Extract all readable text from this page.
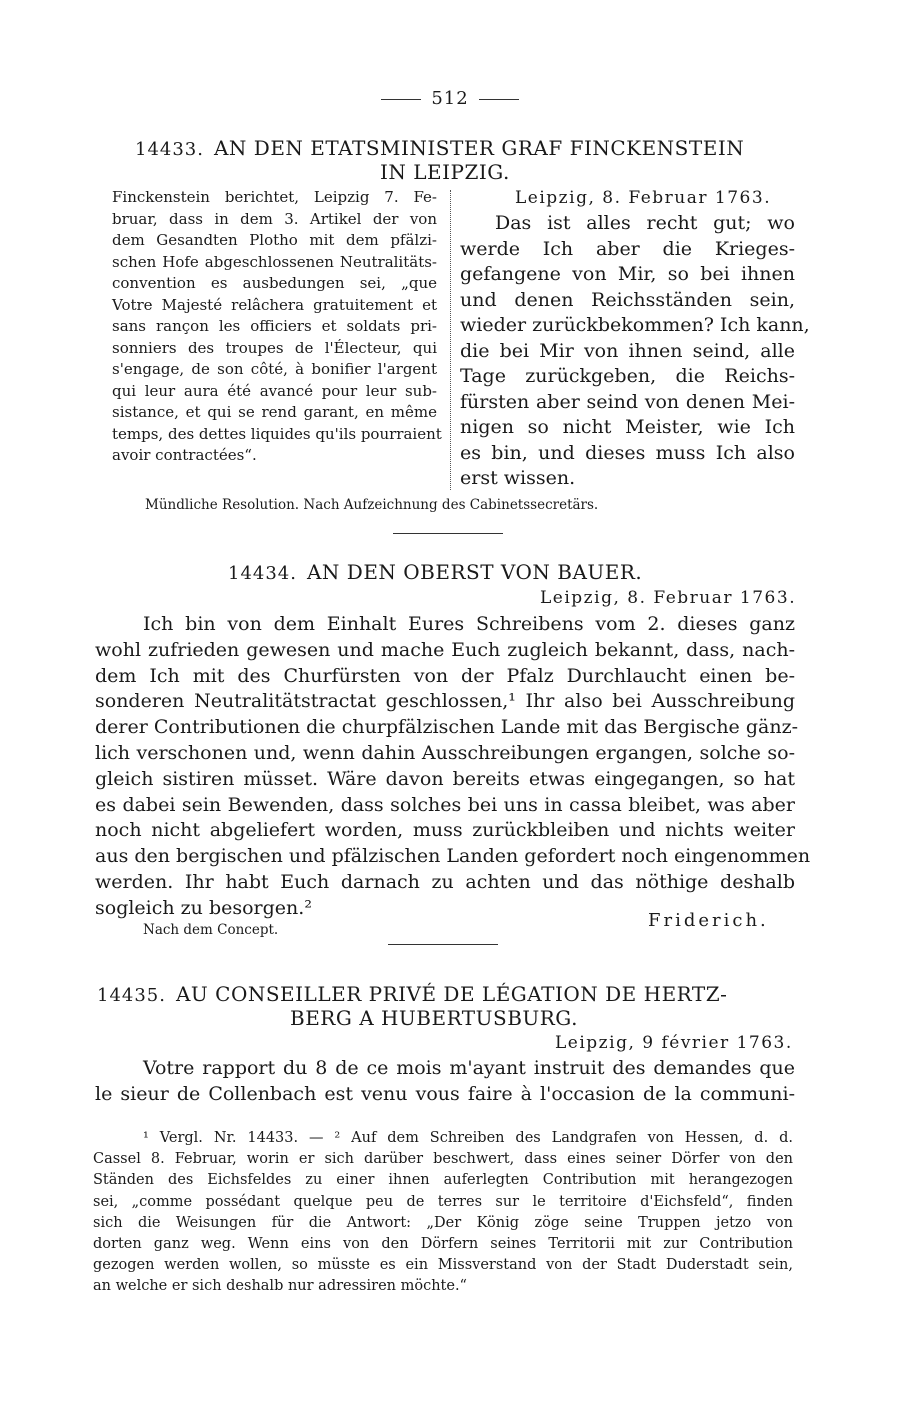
512
14433. AN DEN ETATSMINISTER GRAF FINCKENSTEIN
IN LEIPZIG.
Finckenstein berichtet, Leipzig 7. Fe-
bruar, dass in dem 3. Artikel der von
dem Gesandten Plotho mit dem pfälzi-
schen Hofe abgeschlossenen Neutralitäts-
convention es ausbedungen sei, „que
Votre Majesté relâchera gratuitement et
sans rançon les officiers et soldats pri-
sonniers des troupes de l'Électeur, qui
s'engage, de son côté, à bonifier l'argent
qui leur aura été avancé pour leur sub-
sistance, et qui se rend garant, en même
temps, des dettes liquides qu'ils pourraient
avoir contractées“.
Leipzig, 8. Februar 1763.
Das ist alles recht gut; wo
werde Ich aber die Krieges-
gefangene von Mir, so bei ihnen
und denen Reichsständen sein,
wieder zurückbekommen? Ich kann,
die bei Mir von ihnen seind, alle
Tage zurückgeben, die Reichs-
fürsten aber seind von denen Mei-
nigen so nicht Meister, wie Ich
es bin, und dieses muss Ich also
erst wissen.
Mündliche Resolution. Nach Aufzeichnung des Cabinetssecretärs.
14434. AN DEN OBERST VON BAUER.
Leipzig, 8. Februar 1763.
Ich bin von dem Einhalt Eures Schreibens vom 2. dieses ganz
wohl zufrieden gewesen und mache Euch zugleich bekannt, dass, nach-
dem Ich mit des Churfürsten von der Pfalz Durchlaucht einen be-
sonderen Neutralitätstractat geschlossen,¹ Ihr also bei Ausschreibung
derer Contributionen die churpfälzischen Lande mit das Bergische gänz-
lich verschonen und, wenn dahin Ausschreibungen ergangen, solche so-
gleich sistiren müsset. Wäre davon bereits etwas eingegangen, so hat
es dabei sein Bewenden, dass solches bei uns in cassa bleibet, was aber
noch nicht abgeliefert worden, muss zurückbleiben und nichts weiter
aus den bergischen und pfälzischen Landen gefordert noch eingenommen
werden. Ihr habt Euch darnach zu achten und das nöthige deshalb
sogleich zu besorgen.²
Friderich.
Nach dem Concept.
14435. AU CONSEILLER PRIVÉ DE LÉGATION DE HERTZ-
BERG A HUBERTUSBURG.
Leipzig, 9 février 1763.
Votre rapport du 8 de ce mois m'ayant instruit des demandes que
le sieur de Collenbach est venu vous faire à l'occasion de la communi-
¹ Vergl. Nr. 14433. — ² Auf dem Schreiben des Landgrafen von Hessen, d. d.
Cassel 8. Februar, worin er sich darüber beschwert, dass eines seiner Dörfer von den
Ständen des Eichsfeldes zu einer ihnen auferlegten Contribution mit herangezogen
sei, „comme possédant quelque peu de terres sur le territoire d'Eichsfeld“, finden
sich die Weisungen für die Antwort: „Der König zöge seine Truppen jetzo von
dorten ganz weg. Wenn eins von den Dörfern seines Territorii mit zur Contribution
gezogen werden wollen, so müsste es ein Missverstand von der Stadt Duderstadt sein,
an welche er sich deshalb nur adressiren möchte.“
